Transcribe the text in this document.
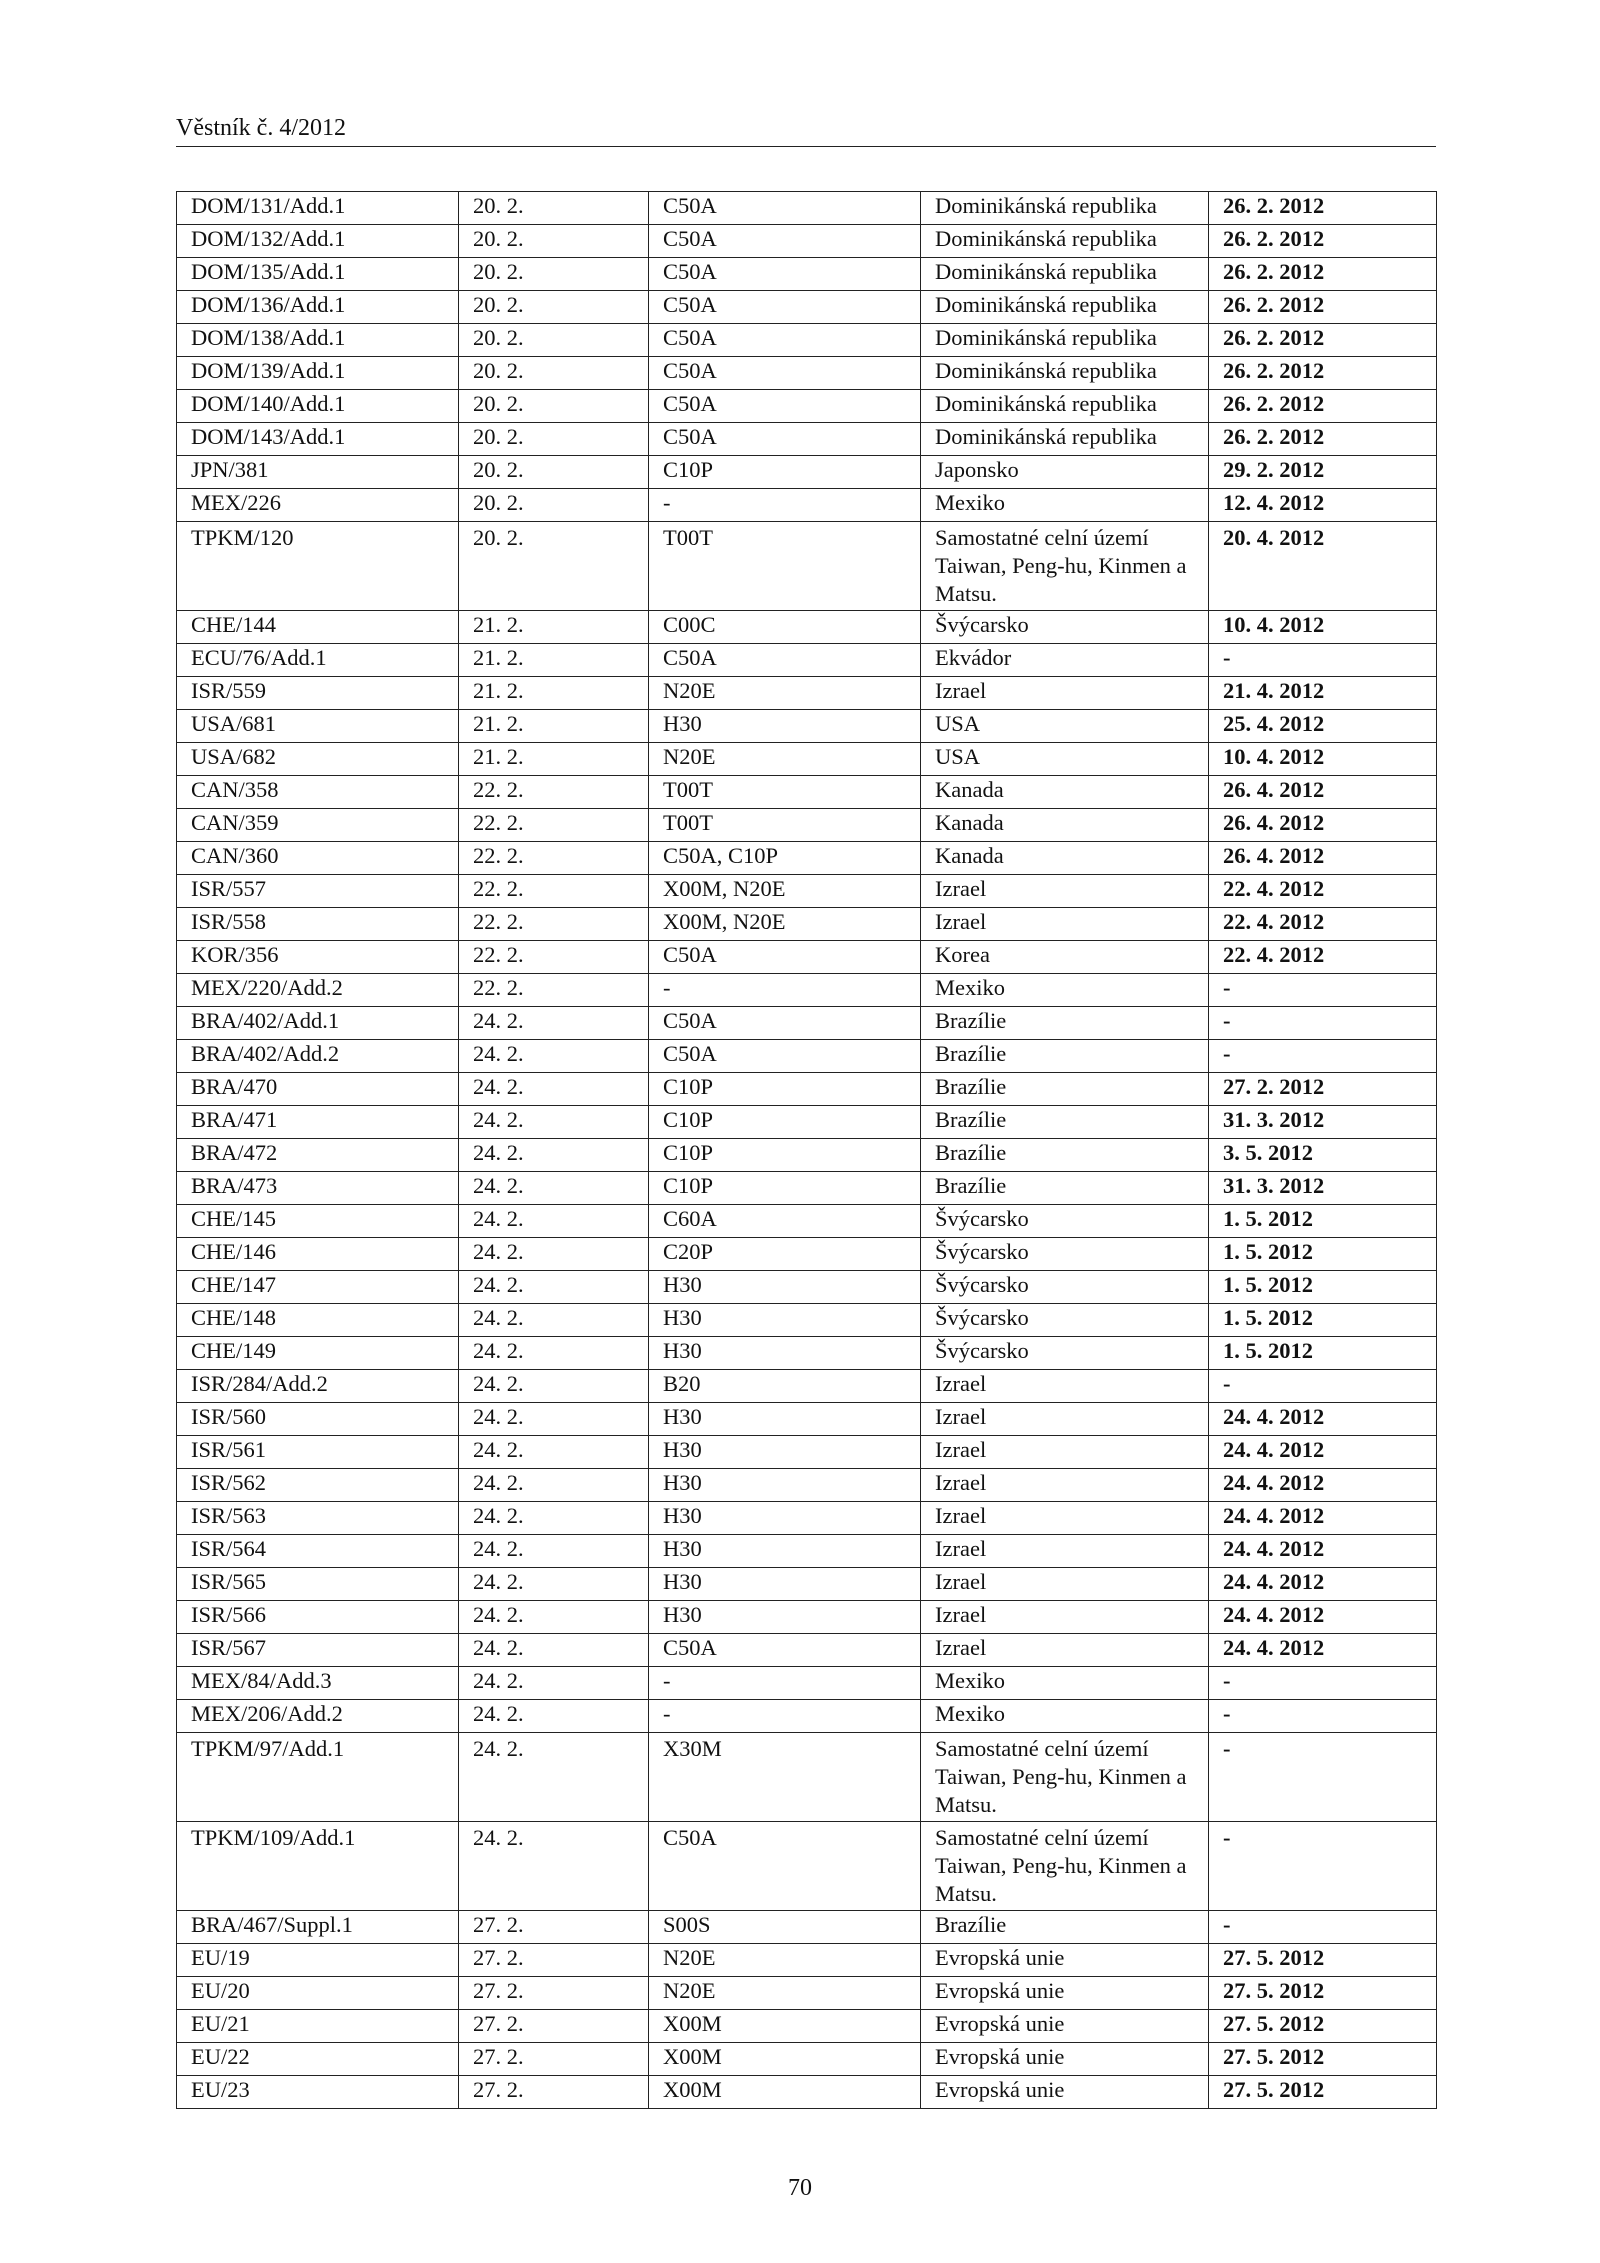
Věstník č. 4/2012
DOM/131/Add.1	20. 2.	C50A	Dominikánská republika	26. 2. 2012
DOM/132/Add.1	20. 2.	C50A	Dominikánská republika	26. 2. 2012
DOM/135/Add.1	20. 2.	C50A	Dominikánská republika	26. 2. 2012
DOM/136/Add.1	20. 2.	C50A	Dominikánská republika	26. 2. 2012
DOM/138/Add.1	20. 2.	C50A	Dominikánská republika	26. 2. 2012
DOM/139/Add.1	20. 2.	C50A	Dominikánská republika	26. 2. 2012
DOM/140/Add.1	20. 2.	C50A	Dominikánská republika	26. 2. 2012
DOM/143/Add.1	20. 2.	C50A	Dominikánská republika	26. 2. 2012
JPN/381	20. 2.	C10P	Japonsko	29. 2. 2012
MEX/226	20. 2.	-	Mexiko	12. 4. 2012
TPKM/120	20. 2.	T00T	Samostatné celní území Taiwan, Peng-hu, Kinmen a Matsu.	20. 4. 2012
CHE/144	21. 2.	C00C	Švýcarsko	10. 4. 2012
ECU/76/Add.1	21. 2.	C50A	Ekvádor	-
ISR/559	21. 2.	N20E	Izrael	21. 4. 2012
USA/681	21. 2.	H30	USA	25. 4. 2012
USA/682	21. 2.	N20E	USA	10. 4. 2012
CAN/358	22. 2.	T00T	Kanada	26. 4. 2012
CAN/359	22. 2.	T00T	Kanada	26. 4. 2012
CAN/360	22. 2.	C50A, C10P	Kanada	26. 4. 2012
ISR/557	22. 2.	X00M, N20E	Izrael	22. 4. 2012
ISR/558	22. 2.	X00M, N20E	Izrael	22. 4. 2012
KOR/356	22. 2.	C50A	Korea	22. 4. 2012
MEX/220/Add.2	22. 2.	-	Mexiko	-
BRA/402/Add.1	24. 2.	C50A	Brazílie	-
BRA/402/Add.2	24. 2.	C50A	Brazílie	-
BRA/470	24. 2.	C10P	Brazílie	27. 2. 2012
BRA/471	24. 2.	C10P	Brazílie	31. 3. 2012
BRA/472	24. 2.	C10P	Brazílie	3. 5. 2012
BRA/473	24. 2.	C10P	Brazílie	31. 3. 2012
CHE/145	24. 2.	C60A	Švýcarsko	1. 5. 2012
CHE/146	24. 2.	C20P	Švýcarsko	1. 5. 2012
CHE/147	24. 2.	H30	Švýcarsko	1. 5. 2012
CHE/148	24. 2.	H30	Švýcarsko	1. 5. 2012
CHE/149	24. 2.	H30	Švýcarsko	1. 5. 2012
ISR/284/Add.2	24. 2.	B20	Izrael	-
ISR/560	24. 2.	H30	Izrael	24. 4. 2012
ISR/561	24. 2.	H30	Izrael	24. 4. 2012
ISR/562	24. 2.	H30	Izrael	24. 4. 2012
ISR/563	24. 2.	H30	Izrael	24. 4. 2012
ISR/564	24. 2.	H30	Izrael	24. 4. 2012
ISR/565	24. 2.	H30	Izrael	24. 4. 2012
ISR/566	24. 2.	H30	Izrael	24. 4. 2012
ISR/567	24. 2.	C50A	Izrael	24. 4. 2012
MEX/84/Add.3	24. 2.	-	Mexiko	-
MEX/206/Add.2	24. 2.	-	Mexiko	-
TPKM/97/Add.1	24. 2.	X30M	Samostatné celní území Taiwan, Peng-hu, Kinmen a Matsu.	-
TPKM/109/Add.1	24. 2.	C50A	Samostatné celní území Taiwan, Peng-hu, Kinmen a Matsu.	-
BRA/467/Suppl.1	27. 2.	S00S	Brazílie	-
EU/19	27. 2.	N20E	Evropská unie	27. 5. 2012
EU/20	27. 2.	N20E	Evropská unie	27. 5. 2012
EU/21	27. 2.	X00M	Evropská unie	27. 5. 2012
EU/22	27. 2.	X00M	Evropská unie	27. 5. 2012
EU/23	27. 2.	X00M	Evropská unie	27. 5. 2012
70
